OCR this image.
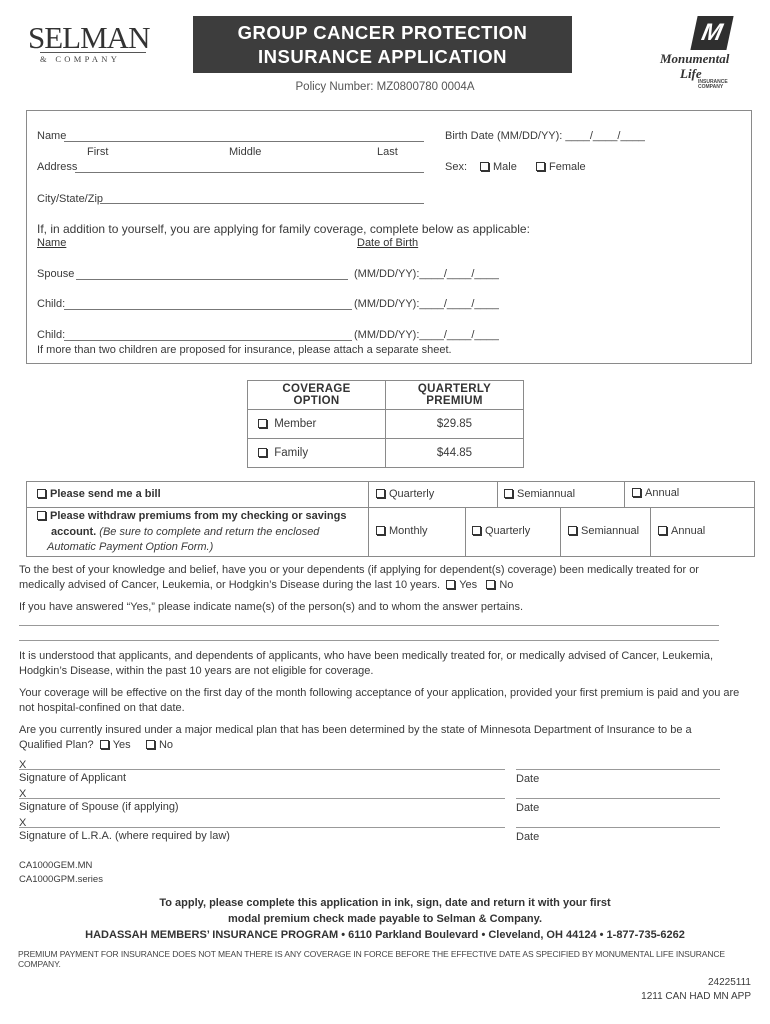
SELMAN
& COMPANY
GROUP CANCER PROTECTION
INSURANCE APPLICATION
Policy Number: MZ0800780 0004A
M
Monumental
Life
INSURANCE COMPANY
Name
First	Middle	Last
Birth Date (MM/DD/YY): ____/____/____
Address	Sex:	Male	Female
City/State/Zip
If, in addition to yourself, you are applying for family coverage, complete below as applicable:
Name	Date of Birth
Spouse	(MM/DD/YY):____/____/____
Child:	(MM/DD/YY):____/____/____
Child:	(MM/DD/YY):____/____/____
If more than two children are proposed for insurance, please attach a separate sheet.
COVERAGE OPTION	QUARTERLY PREMIUM
Member	$29.85
Family	$44.85
Please send me a bill	Quarterly	Semiannual	Annual
Please withdraw premiums from my checking or savings
account. (Be sure to complete and return the enclosed
Automatic Payment Option Form.)
Monthly	Quarterly	Semiannual	Annual
To the best of your knowledge and belief, have you or your dependents (if applying for dependent(s) coverage) been medically treated for or
medically advised of Cancer, Leukemia, or Hodgkin’s Disease during the last 10 years. Yes No
If you have answered “Yes,” please indicate name(s) of the person(s) and to whom the answer pertains.
It is understood that applicants, and dependents of applicants, who have been medically treated for, or medically advised of Cancer, Leukemia,
Hodgkin’s Disease, within the past 10 years are not eligible for coverage.
Your coverage will be effective on the first day of the month following acceptance of your application, provided your first premium is paid and you are
not hospital-confined on that date.
Are you currently insured under a major medical plan that has been determined by the state of Minnesota Department of Insurance to be a
Qualified Plan? Yes	No
X
Signature of Applicant	Date
X
Signature of Spouse (if applying)	Date
X
Signature of L.R.A. (where required by law)	Date
CA1000GEM.MN
CA1000GPM.series
To apply, please complete this application in ink, sign, date and return it with your first
modal premium check made payable to Selman & Company.
HADASSAH MEMBERS’ INSURANCE PROGRAM • 6110 Parkland Boulevard • Cleveland, OH 44124 • 1-877-735-6262
PREMIUM PAYMENT FOR INSURANCE DOES NOT MEAN THERE IS ANY COVERAGE IN FORCE BEFORE THE EFFECTIVE DATE AS SPECIFIED BY MONUMENTAL LIFE INSURANCE COMPANY.
24225111
1211 CAN HAD MN APP
